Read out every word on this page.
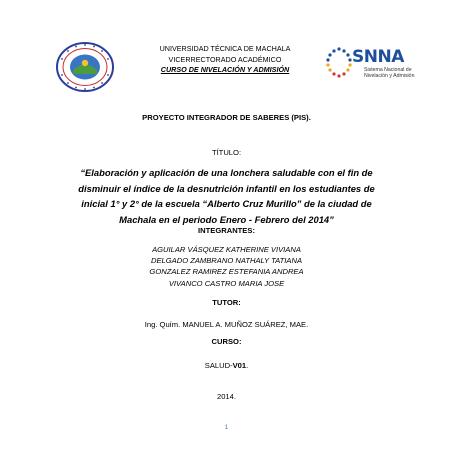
UNIVERSIDAD TÉCNICA DE MACHALA
VICERRECTORADO ACADÉMICO
CURSO DE NIVELACIÓN Y ADMISIÓN
SNNA
Sistema Nacional de
Nivelación y Admisión
PROYECTO INTEGRADOR DE SABERES (PIS).
TÍTULO:
“Elaboración y aplicación de una lonchera saludable con el fin de
disminuir el índice de la desnutrición infantil en los estudiantes de
inicial 1° y 2° de la escuela “Alberto Cruz Murillo” de la ciudad de
Machala en el periodo Enero - Febrero del 2014”
INTEGRANTES:
AGUILAR VÁSQUEZ KATHERINE VIVIANA
DELGADO ZAMBRANO NATHALY TATIANA
GONZALEZ RAMIREZ ESTEFANIA ANDREA
VIVANCO CASTRO MARIA JOSE
TUTOR:
Ing. Quím. MANUEL A. MUÑOZ SUÁREZ, MAE.
CURSO:
SALUD-V01.
2014.
1
